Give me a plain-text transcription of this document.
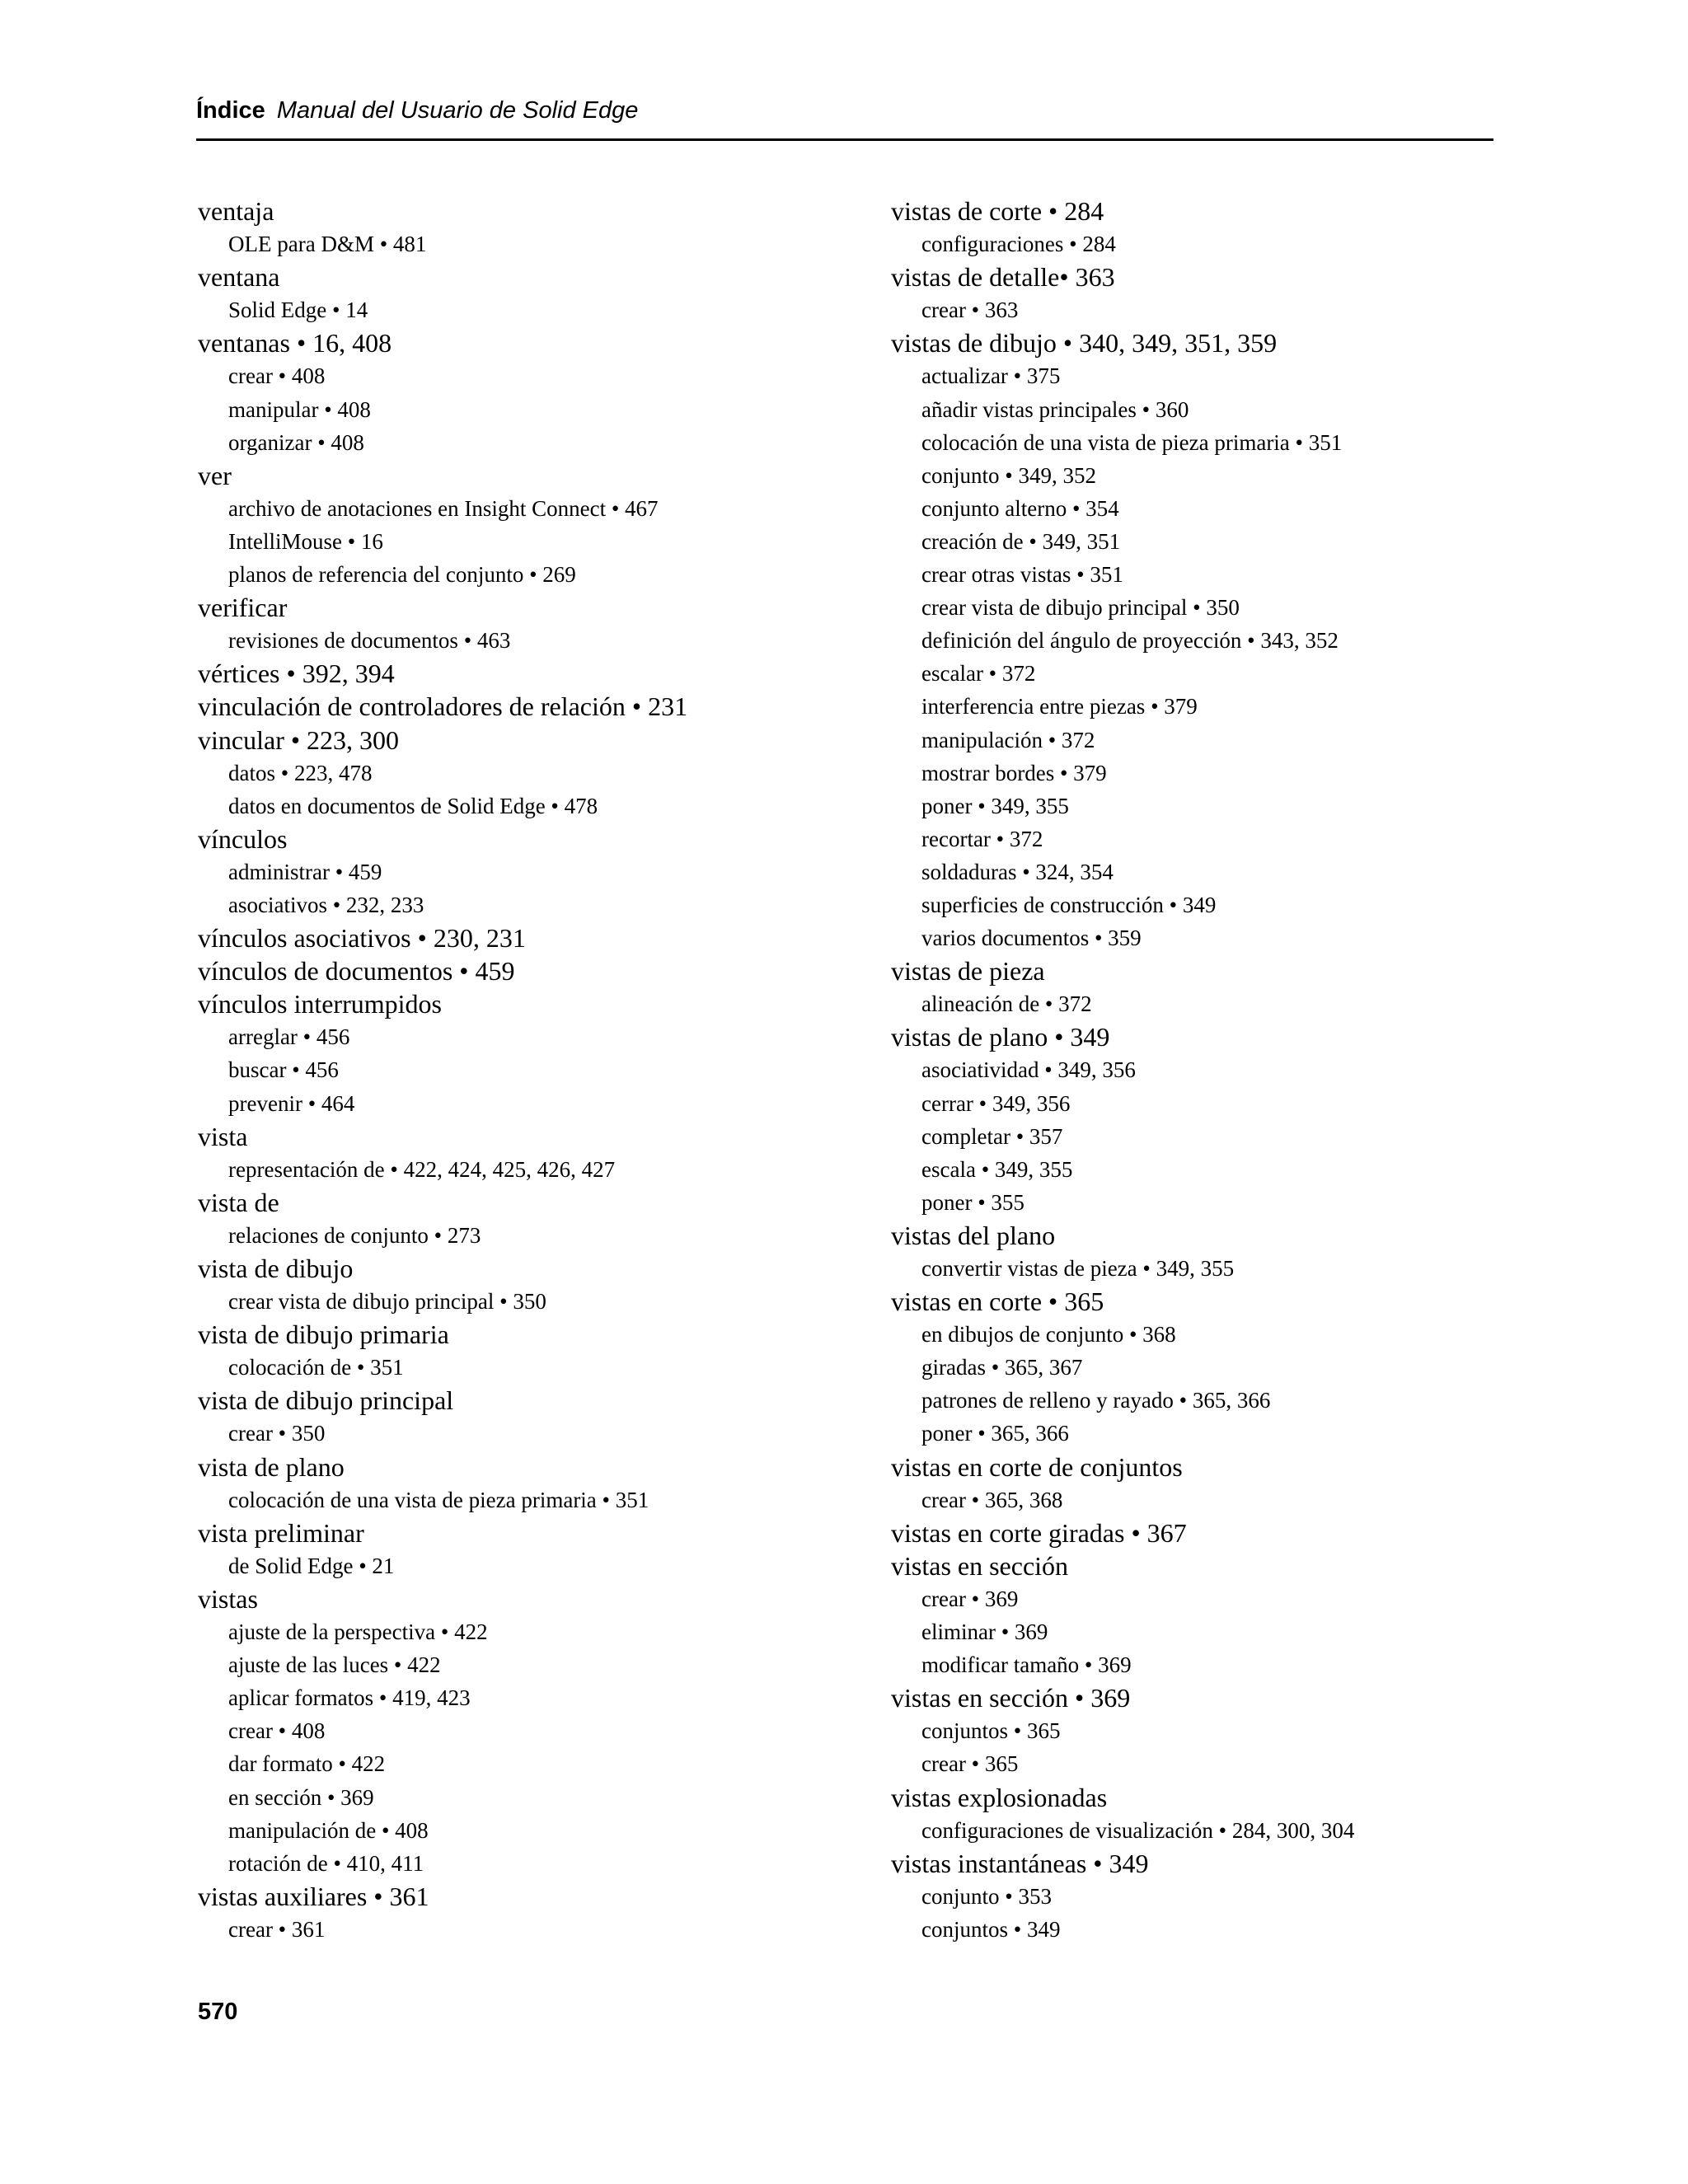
Índice Manual del Usuario de Solid Edge
ventaja
OLE para D&M • 481
ventana
Solid Edge • 14
ventanas • 16, 408
crear • 408
manipular • 408
organizar • 408
ver
archivo de anotaciones en Insight Connect • 467
IntelliMouse • 16
planos de referencia del conjunto • 269
verificar
revisiones de documentos • 463
vértices • 392, 394
vinculación de controladores de relación • 231
vincular • 223, 300
datos • 223, 478
datos en documentos de Solid Edge • 478
vínculos
administrar • 459
asociativos • 232, 233
vínculos asociativos • 230, 231
vínculos de documentos • 459
vínculos interrumpidos
arreglar • 456
buscar • 456
prevenir • 464
vista
representación de • 422, 424, 425, 426, 427
vista de
relaciones de conjunto • 273
vista de dibujo
crear vista de dibujo principal • 350
vista de dibujo primaria
colocación de • 351
vista de dibujo principal
crear • 350
vista de plano
colocación de una vista de pieza primaria • 351
vista preliminar
de Solid Edge • 21
vistas
ajuste de la perspectiva • 422
ajuste de las luces • 422
aplicar formatos • 419, 423
crear • 408
dar formato • 422
en sección • 369
manipulación de • 408
rotación de • 410, 411
vistas auxiliares • 361
crear • 361
vistas de corte • 284
configuraciones • 284
vistas de detalle• 363
crear • 363
vistas de dibujo • 340, 349, 351, 359
actualizar • 375
añadir vistas principales • 360
colocación de una vista de pieza primaria • 351
conjunto • 349, 352
conjunto alterno • 354
creación de • 349, 351
crear otras vistas • 351
crear vista de dibujo principal • 350
definición del ángulo de proyección • 343, 352
escalar • 372
interferencia entre piezas • 379
manipulación • 372
mostrar bordes • 379
poner • 349, 355
recortar • 372
soldaduras • 324, 354
superficies de construcción • 349
varios documentos • 359
vistas de pieza
alineación de • 372
vistas de plano • 349
asociatividad • 349, 356
cerrar • 349, 356
completar • 357
escala • 349, 355
poner • 355
vistas del plano
convertir vistas de pieza • 349, 355
vistas en corte • 365
en dibujos de conjunto • 368
giradas • 365, 367
patrones de relleno y rayado • 365, 366
poner • 365, 366
vistas en corte de conjuntos
crear • 365, 368
vistas en corte giradas • 367
vistas en sección
crear • 369
eliminar • 369
modificar tamaño • 369
vistas en sección • 369
conjuntos • 365
crear • 365
vistas explosionadas
configuraciones de visualización • 284, 300, 304
vistas instantáneas • 349
conjunto • 353
conjuntos • 349
570
